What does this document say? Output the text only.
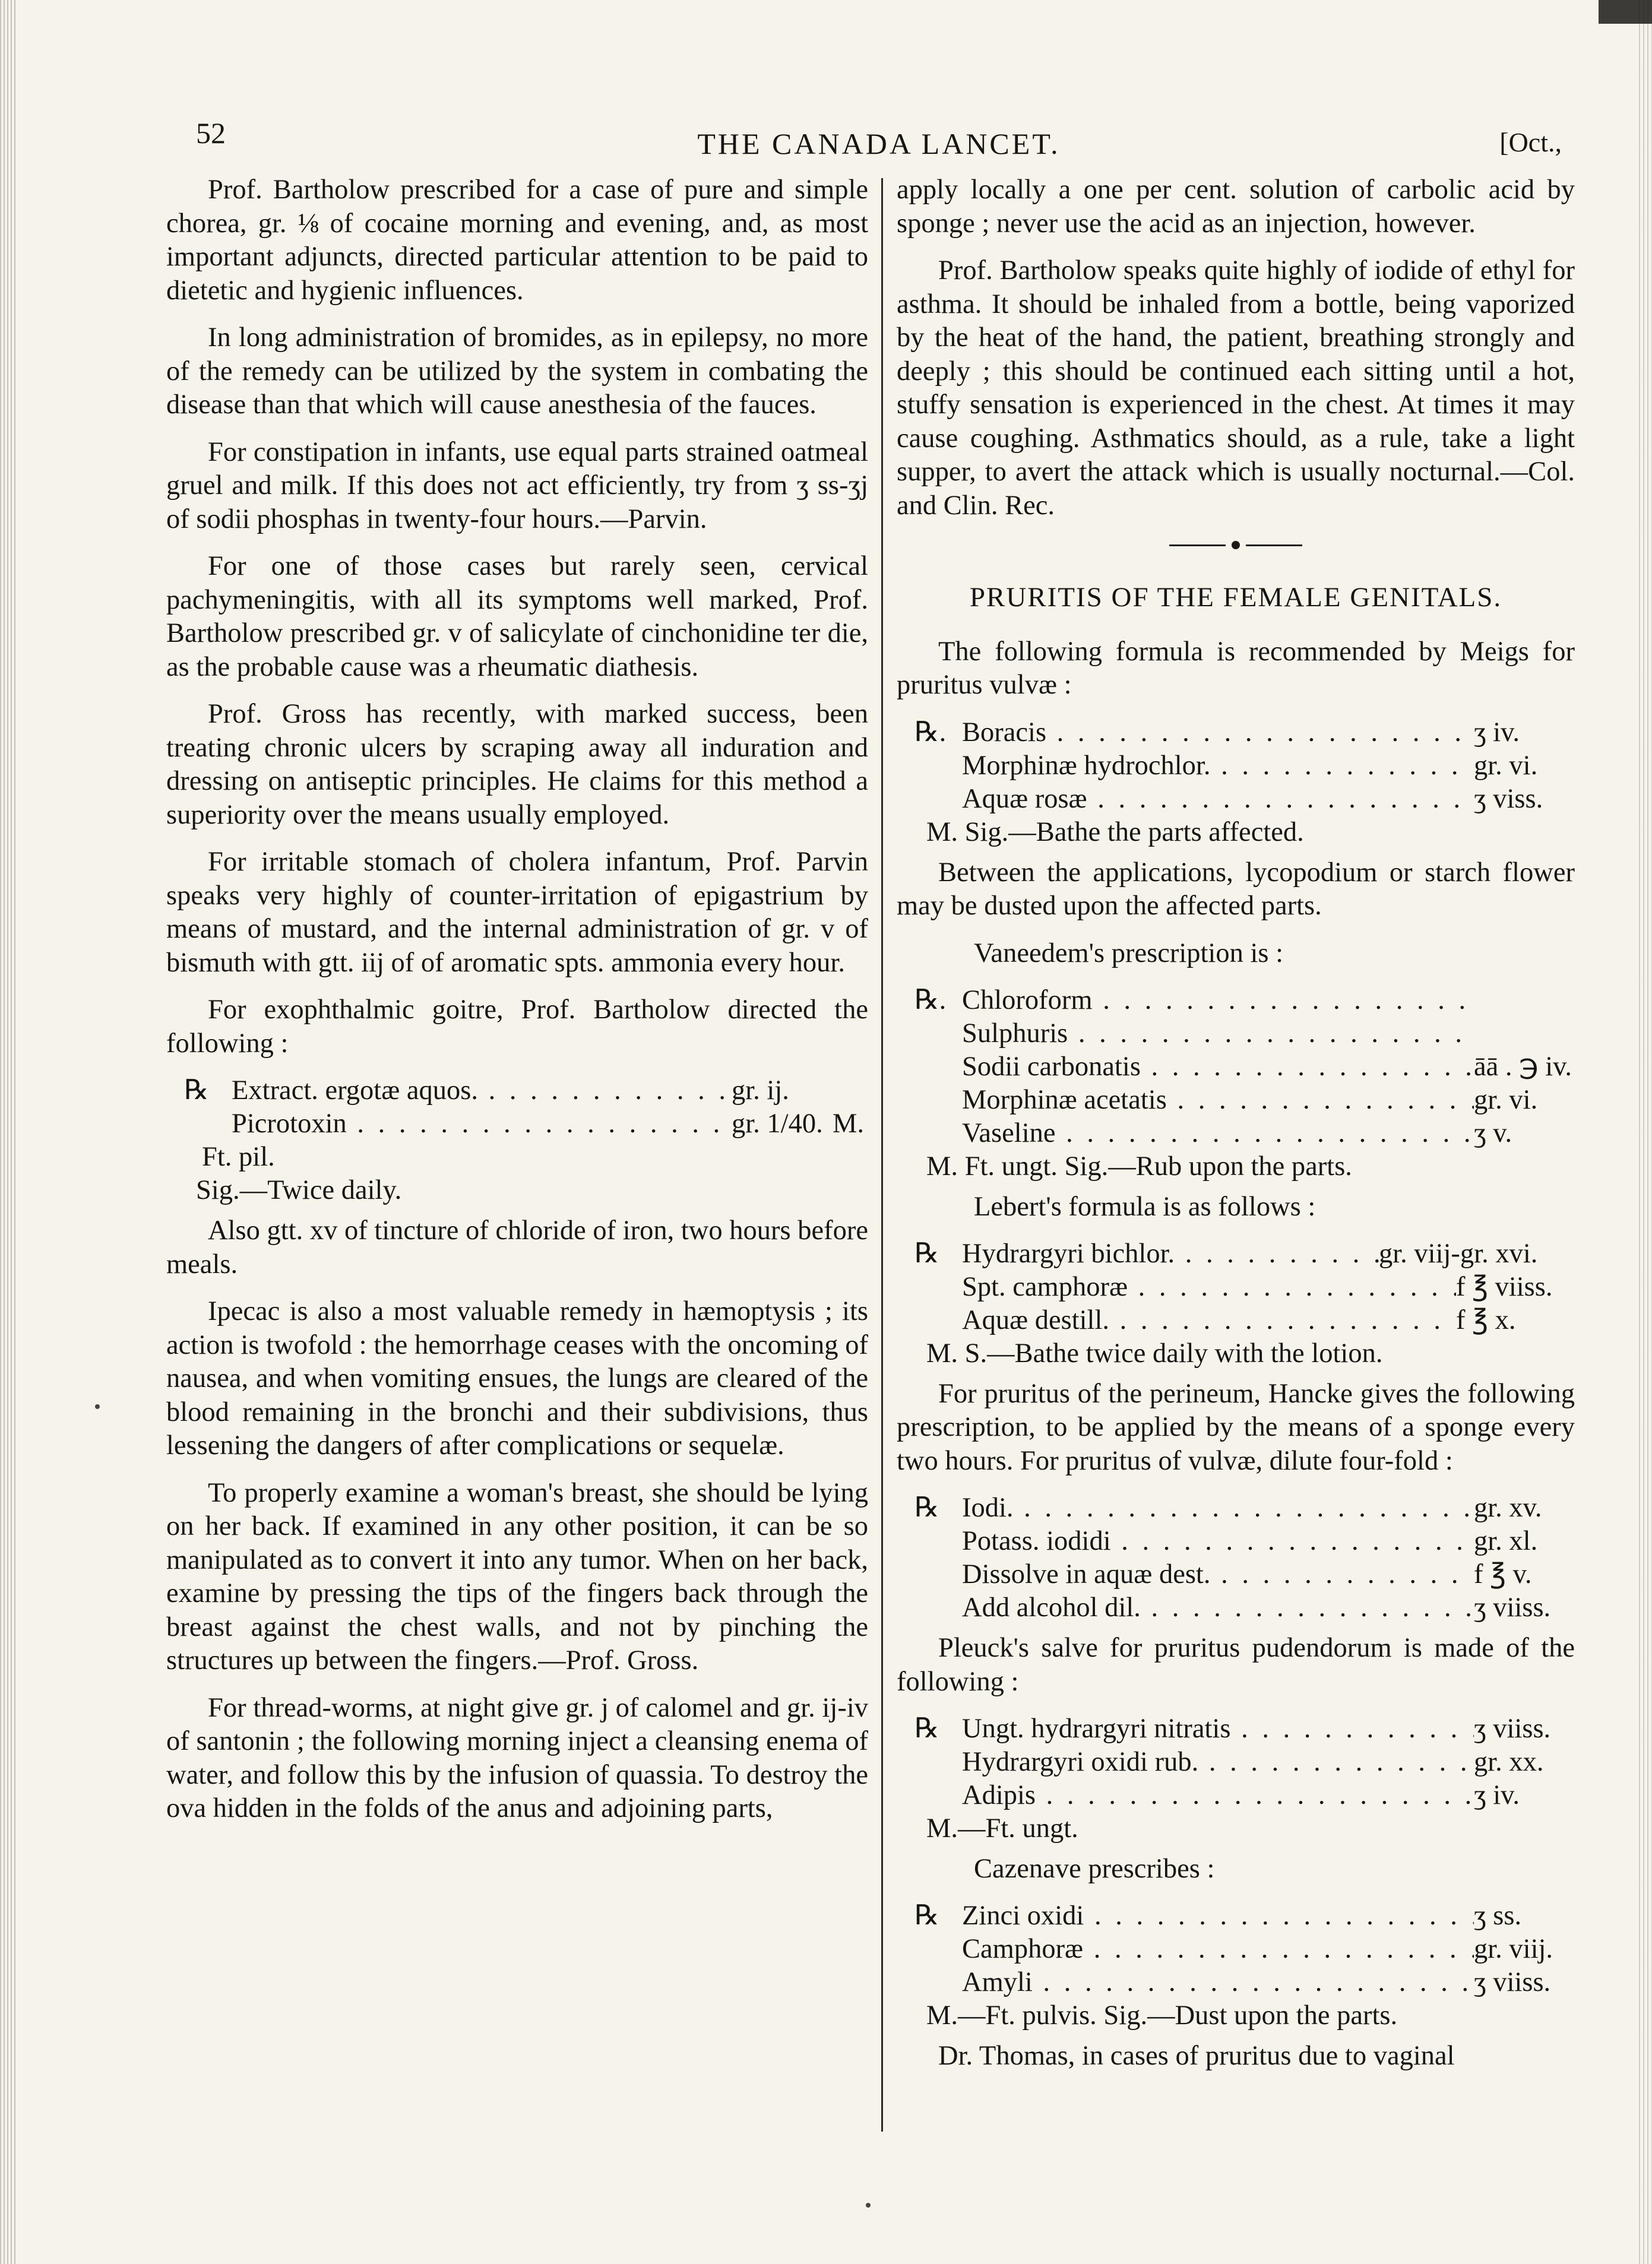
52	THE CANADA LANCET.	[Oct.,

Prof. Bartholow prescribed for a case of pure and simple chorea, gr. ⅛ of cocaine morning and evening, and, as most important adjuncts, directed particular attention to be paid to dietetic and hygienic influences.

In long administration of bromides, as in epilepsy, no more of the remedy can be utilized by the system in combating the disease than that which will cause anesthesia of the fauces.

For constipation in infants, use equal parts strained oatmeal gruel and milk. If this does not act efficiently, try from ʒ ss-ʒj of sodii phosphas in twenty-four hours.—Parvin.

For one of those cases but rarely seen, cervical pachymeningitis, with all its symptoms well marked, Prof. Bartholow prescribed gr. v of salicylate of cinchonidine ter die, as the probable cause was a rheumatic diathesis.

Prof. Gross has recently, with marked success, been treating chronic ulcers by scraping away all induration and dressing on antiseptic principles. He claims for this method a superiority over the means usually employed.

For irritable stomach of cholera infantum, Prof. Parvin speaks very highly of counter-irritation of epigastrium by means of mustard, and the internal administration of gr. v of bismuth with gtt. iij of of aromatic spts. ammonia every hour.

For exophthalmic goitre, Prof. Bartholow directed the following :

℞ Extract. ergotæ aquos. . . .	gr. ij.
Picrotoxin . . .	gr. 1/40. M.
Ft. pil.
Sig.—Twice daily.

Also gtt. xv of tincture of chloride of iron, two hours before meals.

Ipecac is also a most valuable remedy in hæmoptysis ; its action is twofold : the hemorrhage ceases with the oncoming of nausea, and when vomiting ensues, the lungs are cleared of the blood remaining in the bronchi and their subdivisions, thus lessening the dangers of after complications or sequelæ.

To properly examine a woman's breast, she should be lying on her back. If examined in any other position, it can be so manipulated as to convert it into any tumor. When on her back, examine by pressing the tips of the fingers back through the breast against the chest walls, and not by pinching the structures up between the fingers.—Prof. Gross.

For thread-worms, at night give gr. j of calomel and gr. ij-iv of santonin ; the following morning inject a cleansing enema of water, and follow this by the infusion of quassia. To destroy the ova hidden in the folds of the anus and adjoining parts,

apply locally a one per cent. solution of carbolic acid by sponge ; never use the acid as an injection, however.

Prof. Bartholow speaks quite highly of iodide of ethyl for asthma. It should be inhaled from a bottle, being vaporized by the heat of the hand, the patient, breathing strongly and deeply ; this should be continued each sitting until a hot, stuffy sensation is experienced in the chest. At times it may cause coughing. Asthmatics should, as a rule, take a light supper, to avert the attack which is usually nocturnal.—Col. and Clin. Rec.

PRURITIS OF THE FEMALE GENITALS.

The following formula is recommended by Meigs for pruritus vulvæ :

℞. Boracis . . .	ʒ iv.
Morphinæ hydrochlor. . . .	gr. vi.
Aquæ rosæ . . .	ʒ viss.
M. Sig.—Bathe the parts affected.

Between the applications, lycopodium or starch flower may be dusted upon the affected parts.

Vaneedem's prescription is :

℞. Chloroform . . .
Sulphuris . . .
Sodii carbonatis . . .	āā . ℈ iv.
Morphinæ acetatis . . .	gr. vi.
Vaseline . . .	ʒ v.
M. Ft. ungt. Sig.—Rub upon the parts.

Lebert's formula is as follows :

℞ Hydrargyri bichlor. . . .	gr. viij-gr. xvi.
Spt. camphoræ . . .	f ℥ viiss.
Aquæ destill. . . .	f ℥ x.
M. S.—Bathe twice daily with the lotion.

For pruritus of the perineum, Hancke gives the following prescription, to be applied by the means of a sponge every two hours. For pruritus of vulvæ, dilute four-fold :

℞ Iodi. . . .	gr. xv.
Potass. iodidi . . .	gr. xl.
Dissolve in aquæ dest. . . .	f ℥ v.
Add alcohol dil. . . .	ʒ viiss.

Pleuck's salve for pruritus pudendorum is made of the following :

℞ Ungt. hydrargyri nitratis . . .	ʒ viiss.
Hydrargyri oxidi rub. . . .	gr. xx.
Adipis . . .	ʒ iv.
M.—Ft. ungt.

Cazenave prescribes :

℞ Zinci oxidi . . .	ʒ ss.
Camphoræ . . .	gr. viij.
Amyli . . .	ʒ viiss.
M.—Ft. pulvis. Sig.—Dust upon the parts.

Dr. Thomas, in cases of pruritus due to vaginal
